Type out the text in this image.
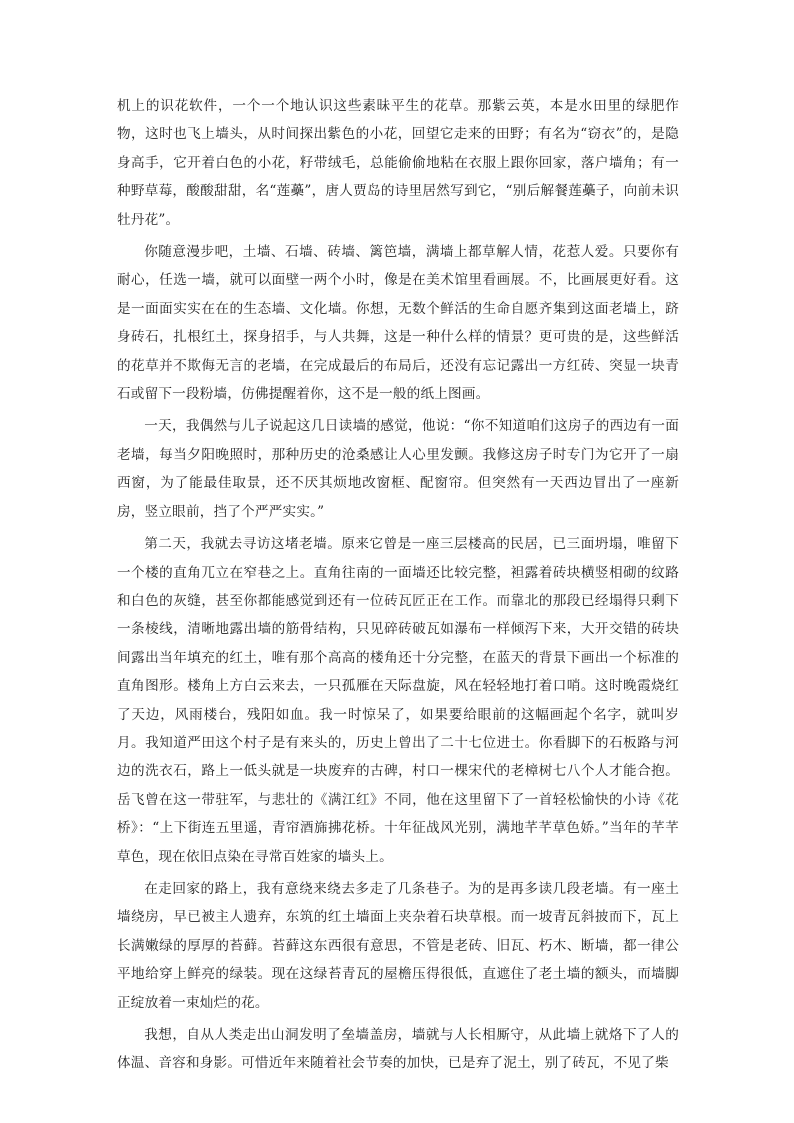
机上的识花软件，一个一个地认识这些素昧平生的花草。那紫云英，本是水田里的绿肥作物，这时也飞上墙头，从时间探出紫色的小花，回望它走来的田野；有名为“窃衣”的，是隐身高手，它开着白色的小花，籽带绒毛，总能偷偷地粘在衣服上跟你回家，落户墙角；有一种野草莓，酸酸甜甜，名“莲蘽”，唐人贾岛的诗里居然写到它，“别后解餐莲蘽子，向前未识牡丹花”。

你随意漫步吧，土墙、石墙、砖墙、篱笆墙，满墙上都草解人情，花惹人爱。只要你有耐心，任选一墙，就可以面壁一两个小时，像是在美术馆里看画展。不，比画展更好看。这是一面面实实在在的生态墙、文化墙。你想，无数个鲜活的生命自愿齐集到这面老墙上，跻身砖石，扎根红土，探身招手，与人共舞，这是一种什么样的情景？更可贵的是，这些鲜活的花草并不欺侮无言的老墙，在完成最后的布局后，还没有忘记露出一方红砖、突显一块青石或留下一段粉墙，仿佛提醒着你，这不是一般的纸上图画。

一天，我偶然与儿子说起这几日读墙的感觉，他说：“你不知道咱们这房子的西边有一面老墙，每当夕阳晚照时，那种历史的沧桑感让人心里发颤。我修这房子时专门为它开了一扇西窗，为了能最佳取景，还不厌其烦地改窗框、配窗帘。但突然有一天西边冒出了一座新房，竖立眼前，挡了个严严实实。”

第二天，我就去寻访这堵老墙。原来它曾是一座三层楼高的民居，已三面坍塌，唯留下一个楼的直角兀立在窄巷之上。直角往南的一面墙还比较完整，袒露着砖块横竖相砌的纹路和白色的灰缝，甚至你都能感觉到还有一位砖瓦匠正在工作。而靠北的那段已经塌得只剩下一条棱线，清晰地露出墙的筋骨结构，只见碎砖破瓦如瀑布一样倾泻下来，大开交错的砖块间露出当年填充的红土，唯有那个高高的楼角还十分完整，在蓝天的背景下画出一个标准的直角图形。楼角上方白云来去，一只孤雁在天际盘旋，风在轻轻地打着口哨。这时晚霞烧红了天边，风雨楼台，残阳如血。我一时惊呆了，如果要给眼前的这幅画起个名字，就叫岁月。我知道严田这个村子是有来头的，历史上曾出了二十七位进士。你看脚下的石板路与河边的洗衣石，路上一低头就是一块废弃的古碑，村口一棵宋代的老樟树七八个人才能合抱。岳飞曾在这一带驻军，与悲壮的《满江红》不同，他在这里留下了一首轻松愉快的小诗《花桥》：“上下街连五里遥，青帘酒旆拂花桥。十年征战风光别，满地芊芊草色娇。”当年的芊芊草色，现在依旧点染在寻常百姓家的墙头上。

在走回家的路上，我有意绕来绕去多走了几条巷子。为的是再多读几段老墙。有一座土墙绕房，早已被主人遗弃，东筑的红土墙面上夹杂着石块草根。而一坡青瓦斜披而下，瓦上长满嫩绿的厚厚的苔藓。苔藓这东西很有意思，不管是老砖、旧瓦、朽木、断墙，都一律公平地给穿上鲜亮的绿装。现在这绿苔青瓦的屋檐压得很低，直遮住了老土墙的额头，而墙脚正绽放着一束灿烂的花。

我想，自从人类走出山洞发明了垒墙盖房，墙就与人长相厮守，从此墙上就烙下了人的体温、音容和身影。可惜近年来随着社会节奏的加快，已是弃了泥土，别了砖瓦，不见了柴
